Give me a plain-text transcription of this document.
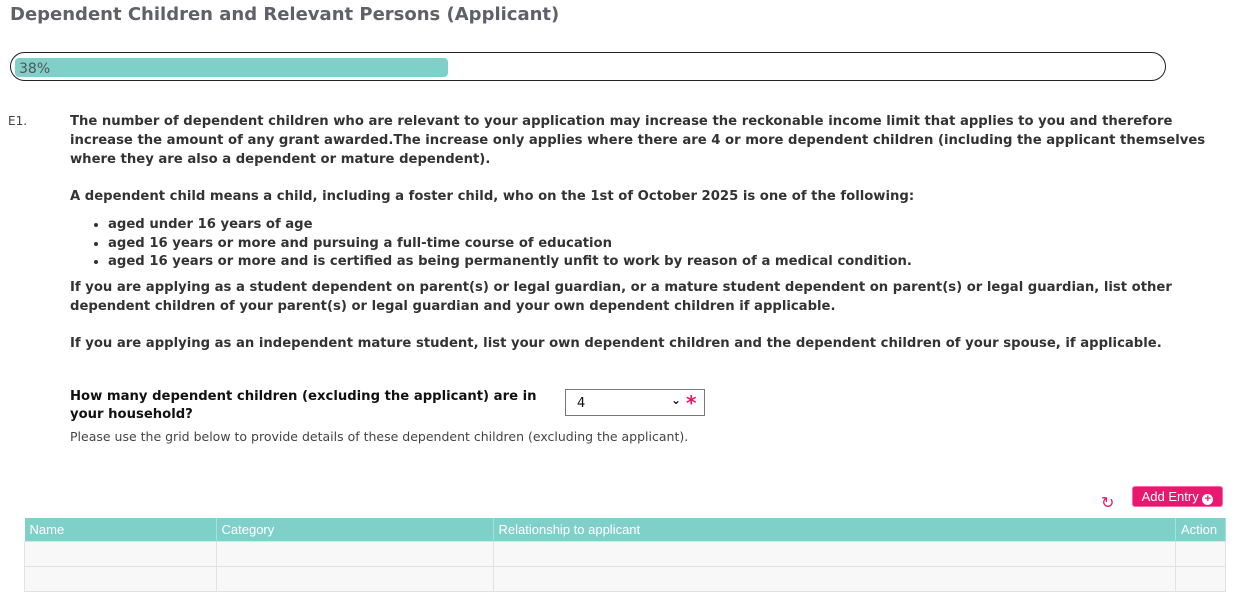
Dependent Children and Relevant Persons (Applicant)
38%
E1.	The number of dependent children who are relevant to your application may increase the reckonable income limit that applies to you and therefore increase the amount of any grant awarded.The increase only applies where there are 4 or more dependent children (including the applicant themselves where they are also a dependent or mature dependent).

A dependent child means a child, including a foster child, who on the 1st of October 2025 is one of the following:

• aged under 16 years of age
• aged 16 years or more and pursuing a full-time course of education
• aged 16 years or more and is certified as being permanently unfit to work by reason of a medical condition.

If you are applying as a student dependent on parent(s) or legal guardian, or a mature student dependent on parent(s) or legal guardian, list other dependent children of your parent(s) or legal guardian and your own dependent children if applicable.

If you are applying as an independent mature student, list your own dependent children and the dependent children of your spouse, if applicable.

How many dependent children (excluding the applicant) are in your household?
4	⌄ *
Please use the grid below to provide details of these dependent children (excluding the applicant).
↻	Add Entry +
Name	Category	Relationship to applicant	Action
